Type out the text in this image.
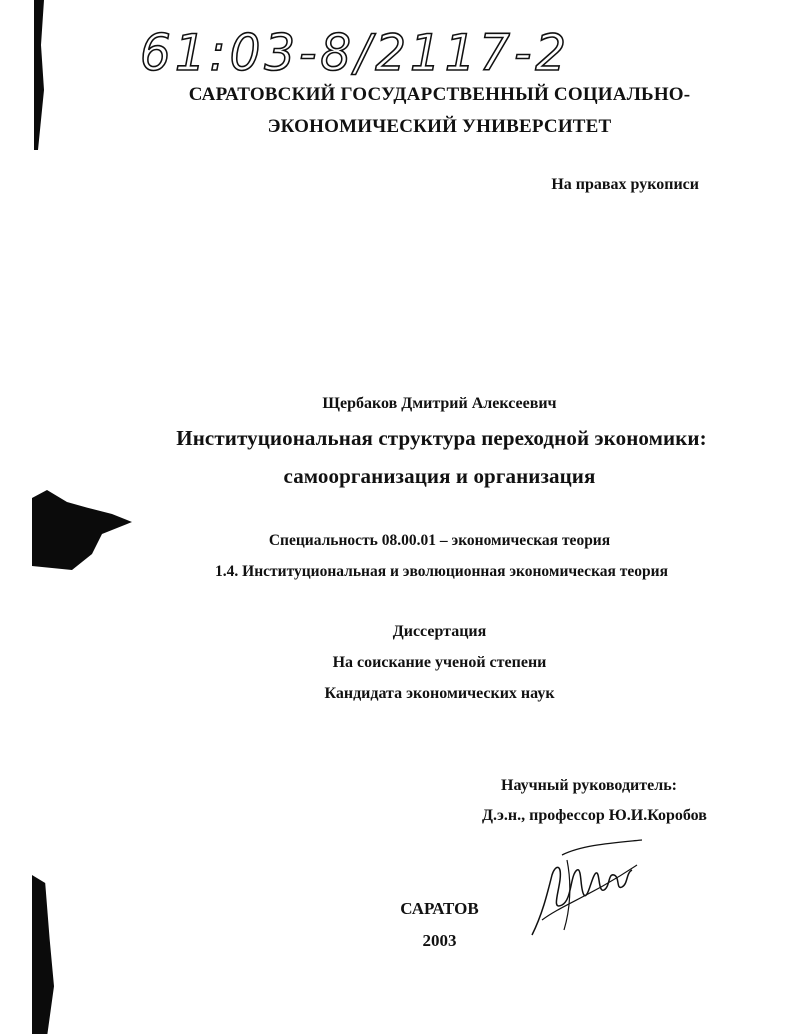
61:03-8/2117-2
САРАТОВСКИЙ ГОСУДАРСТВЕННЫЙ СОЦИАЛЬНО-
ЭКОНОМИЧЕСКИЙ УНИВЕРСИТЕТ
На правах рукописи
Щербаков Дмитрий Алексеевич
Институциональная структура переходной экономики:
самоорганизация и организация
Специальность 08.00.01 – экономическая теория
1.4. Институциональная и эволюционная экономическая теория
Диссертация
На соискание ученой степени
Кандидата экономических наук
Научный руководитель:
Д.э.н., профессор Ю.И.Коробов
САРАТОВ
2003
